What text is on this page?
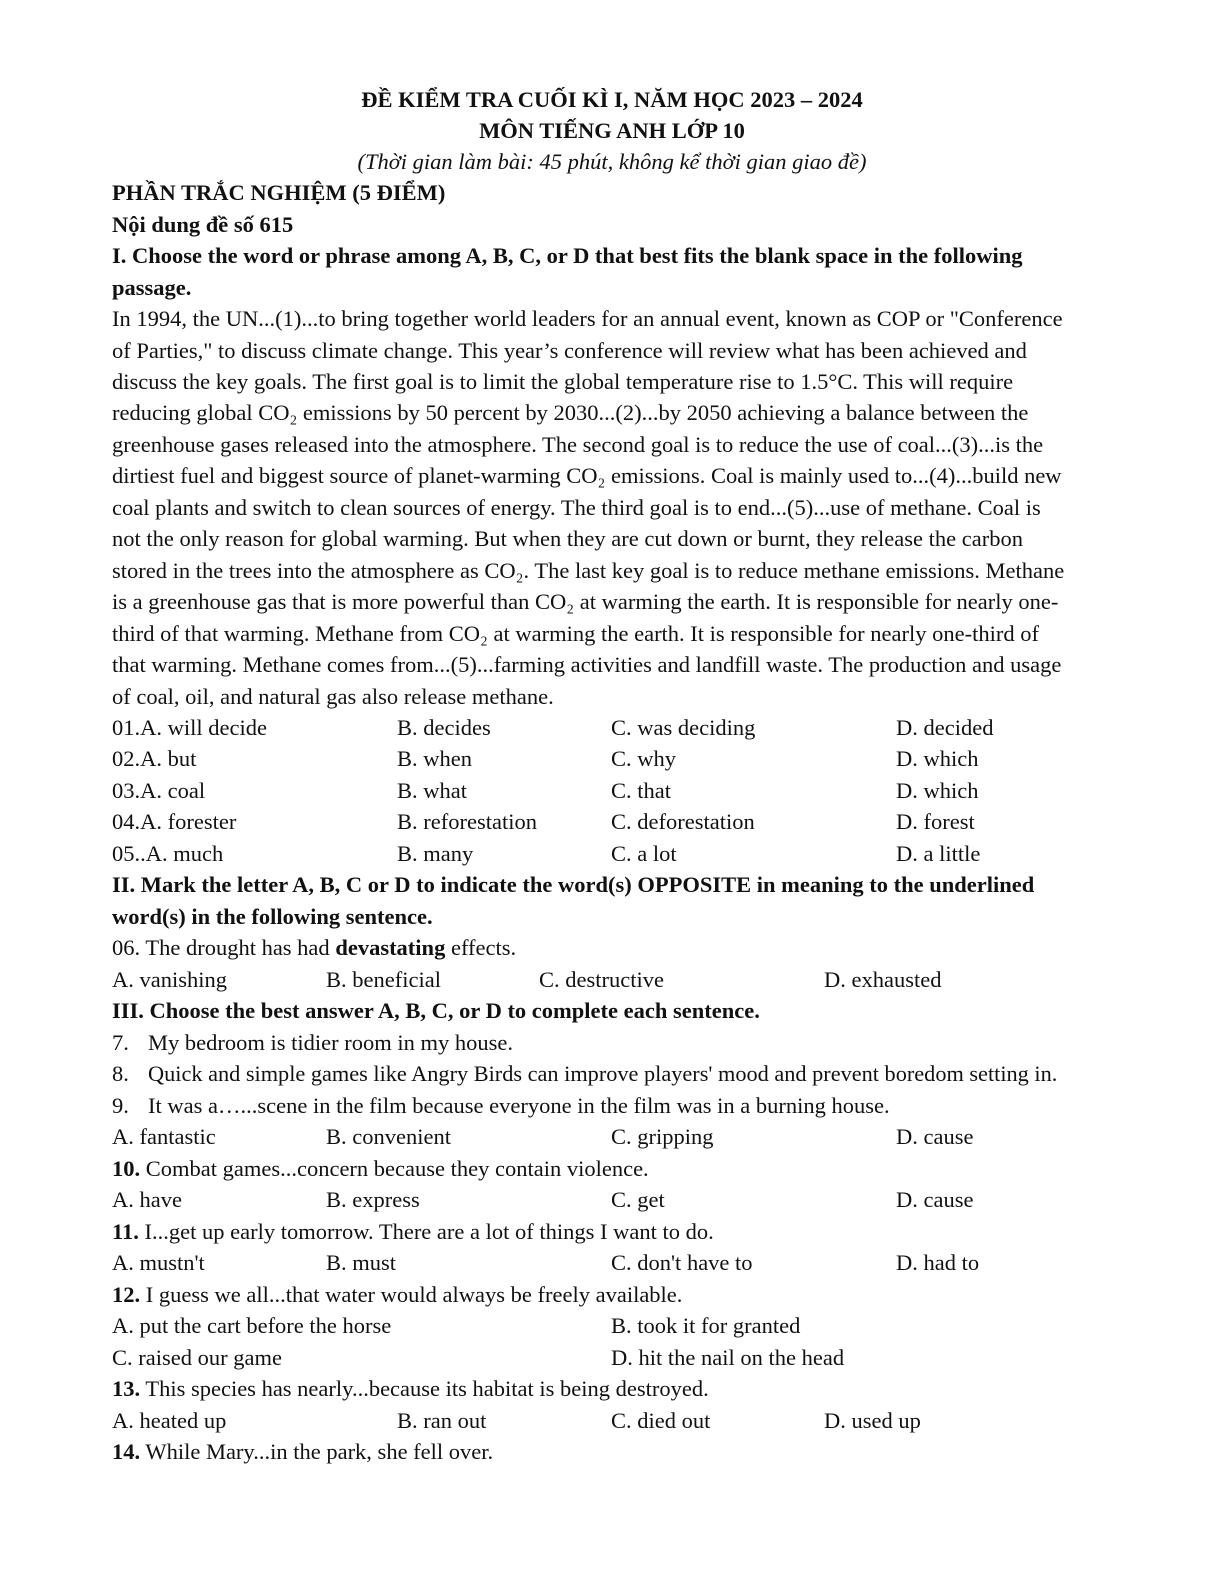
ĐỀ KIỂM TRA CUỐI KÌ I, NĂM HỌC 2023 – 2024
MÔN TIẾNG ANH LỚP 10
(Thời gian làm bài: 45 phút, không kể thời gian giao đề)
PHẦN TRẮC NGHIỆM (5 ĐIỂM)
Nội dung đề số 615
I. Choose the word or phrase among A, B, C, or D that best fits the blank space in the following
passage.
In 1994, the UN...(1)...to bring together world leaders for an annual event, known as COP or "Conference
of Parties," to discuss climate change. This year’s conference will review what has been achieved and
discuss the key goals. The first goal is to limit the global temperature rise to 1.5°C. This will require
reducing global CO₂ emissions by 50 percent by 2030...(2)...by 2050 achieving a balance between the
greenhouse gases released into the atmosphere. The second goal is to reduce the use of coal...(3)...is the
dirtiest fuel and biggest source of planet-warming CO₂ emissions. Coal is mainly used to...(4)...build new
coal plants and switch to clean sources of energy. The third goal is to end...(5)...use of methane. Coal is
not the only reason for global warming. But when they are cut down or burnt, they release the carbon
stored in the trees into the atmosphere as CO₂. The last key goal is to reduce methane emissions. Methane
is a greenhouse gas that is more powerful than CO₂ at warming the earth. It is responsible for nearly one-
third of that warming. Methane from CO₂ at warming the earth. It is responsible for nearly one-third of
that warming. Methane comes from...(5)...farming activities and landfill waste. The production and usage
of coal, oil, and natural gas also release methane.
01.A. will decide	B. decides	C. was deciding	D. decided
02.A. but	B. when	C. why	D. which
03.A. coal	B. what	C. that	D. which
04.A. forester	B. reforestation	C. deforestation	D. forest
05..A. much	B. many	C. a lot	D. a little
II. Mark the letter A, B, C or D to indicate the word(s) OPPOSITE in meaning to the underlined
word(s) in the following sentence.
06. The drought has had devastating effects.
A. vanishing	B. beneficial	C. destructive	D. exhausted
III. Choose the best answer A, B, C, or D to complete each sentence.
7. My bedroom is tidier room in my house.
8. Quick and simple games like Angry Birds can improve players' mood and prevent boredom setting in.
9. It was a…...scene in the film because everyone in the film was in a burning house.
A. fantastic	B. convenient	C. gripping	D. cause
10. Combat games...concern because they contain violence.
A. have	B. express	C. get	D. cause
11. I...get up early tomorrow. There are a lot of things I want to do.
A. mustn't	B. must	C. don't have to	D. had to
12. I guess we all...that water would always be freely available.
A. put the cart before the horse	B. took it for granted
C. raised our game	D. hit the nail on the head
13. This species has nearly...because its habitat is being destroyed.
A. heated up	B. ran out	C. died out	D. used up
14. While Mary...in the park, she fell over.
